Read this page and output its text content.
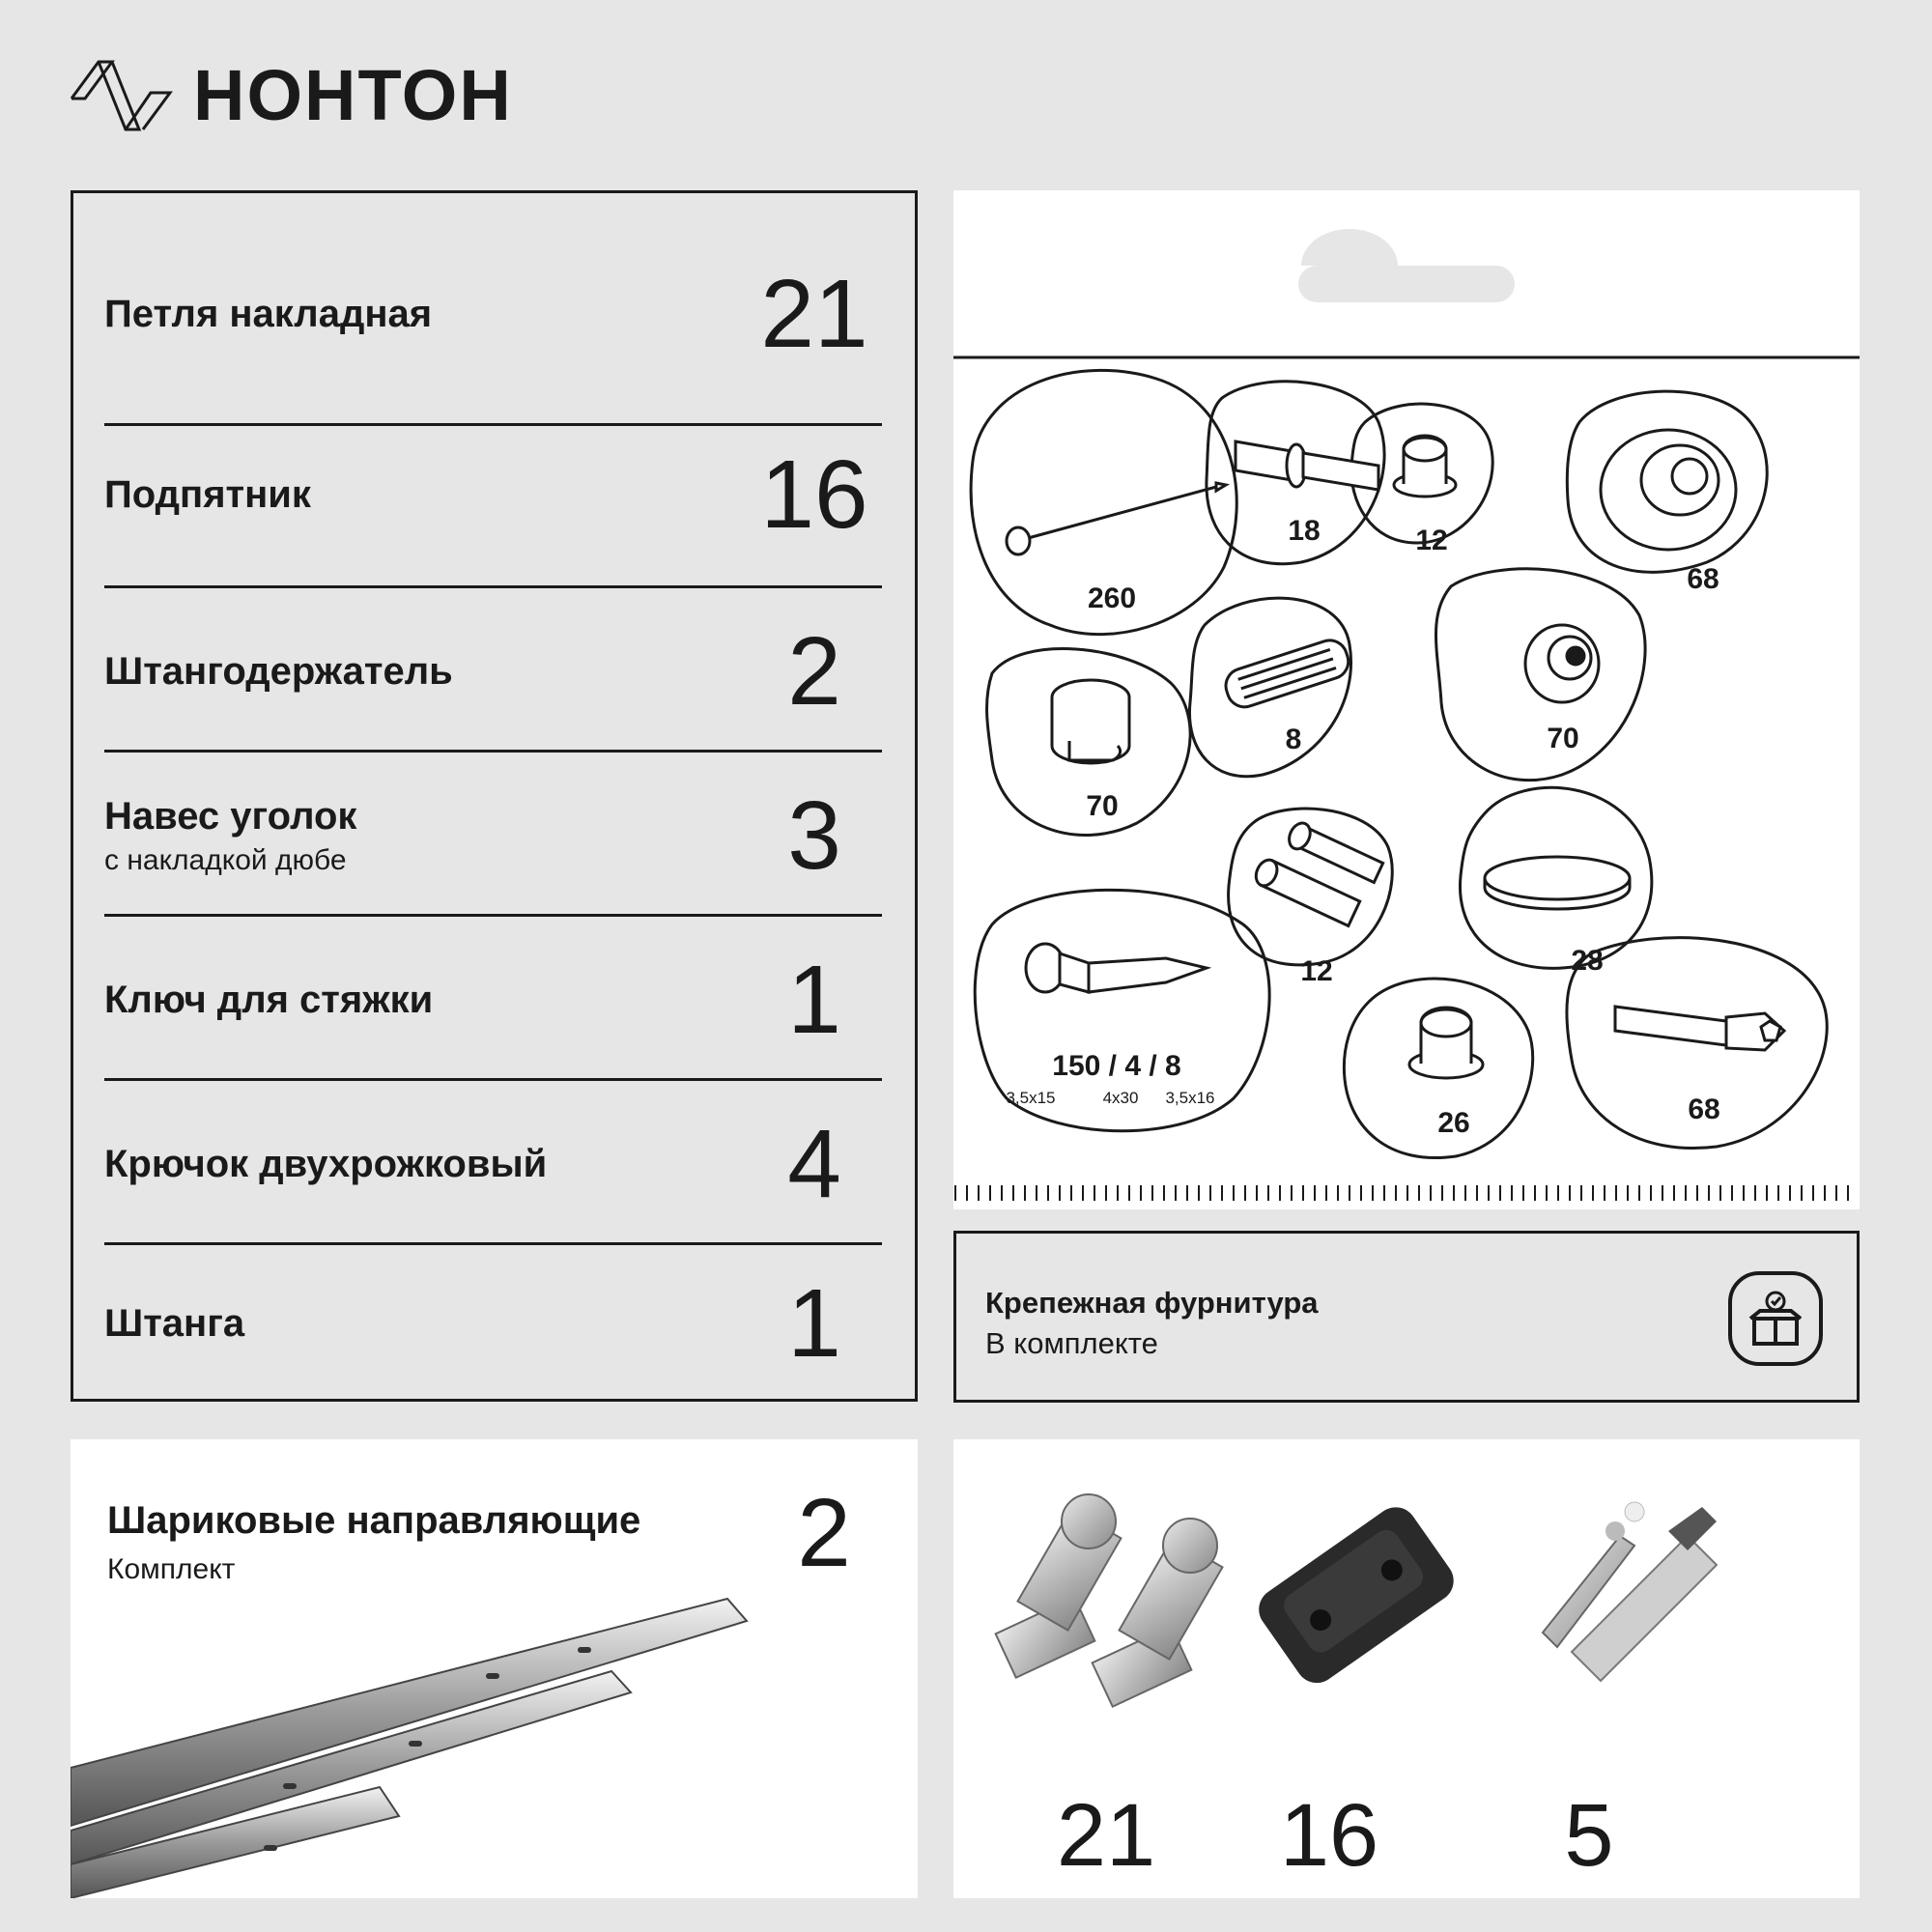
НОНТОН
Петля накладная	21
Подпятник	16
Штангодержатель	2
Навес уголок
с накладкой дюбе	3
Ключ для стяжки	1
Крючок двухрожковый	4
Штанга	1
260
18	12
68
70
8	70
12	28
150 / 4 / 8
26	68
3,5x15	4x30 3,5x16
Крепежная фурнитура
В комплекте
Шариковые направляющие
Комплект	2
21	16	5
